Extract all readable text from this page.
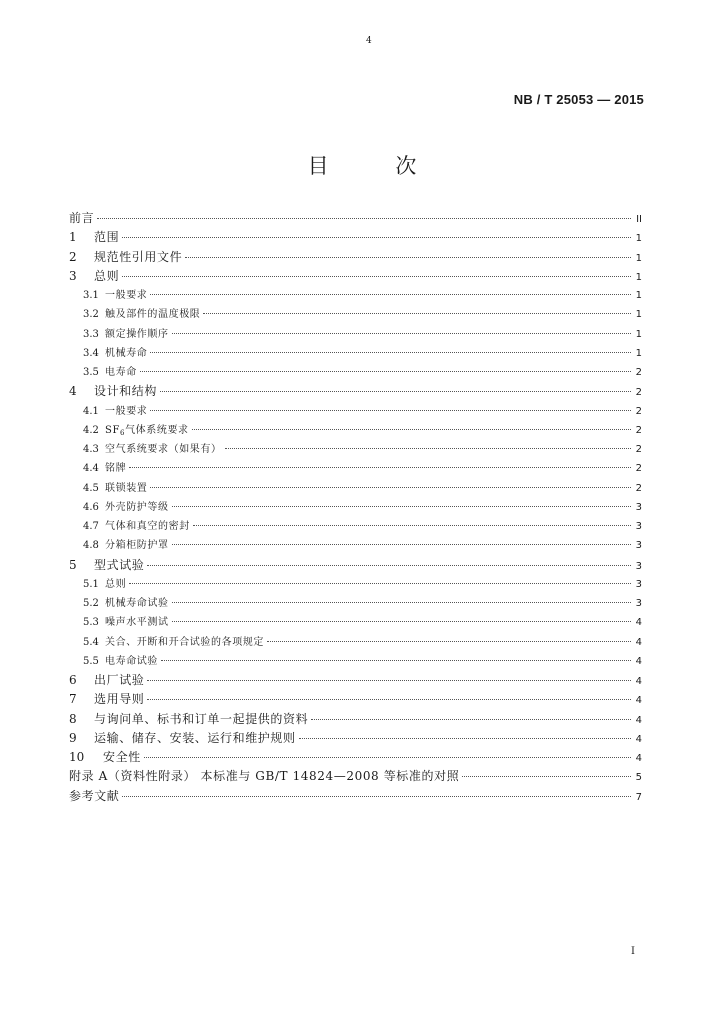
4
NB / T 25053 — 2015
目 次
前言	II
1	范围	1
2	规范性引用文件	1
3	总则	1
3.1 一般要求	1
3.2 触及部件的温度极限	1
3.3 额定操作顺序	1
3.4 机械寿命	1
3.5 电寿命	2
4	设计和结构	2
4.1 一般要求	2
4.2 $SF_6$气体系统要求	2
4.3 空气系统要求（如果有）	2
4.4 铭牌	2
4.5 联锁装置	2
4.6 外壳防护等级	3
4.7 气体和真空的密封	3
4.8 分箱柜防护罩	3
5	型式试验	3
5.1 总则	3
5.2 机械寿命试验	3
5.3 噪声水平测试	4
5.4 关合、开断和开合试验的各项规定	4
5.5 电寿命试验	4
6	出厂试验	4
7	选用导则	4
8	与询问单、标书和订单一起提供的资料	4
9	运输、储存、安装、运行和维护规则	4
10	安全性	4
附录 A（资料性附录） 本标准与 GB/T 14824—2008 等标准的对照	5
参考文献	7
I
